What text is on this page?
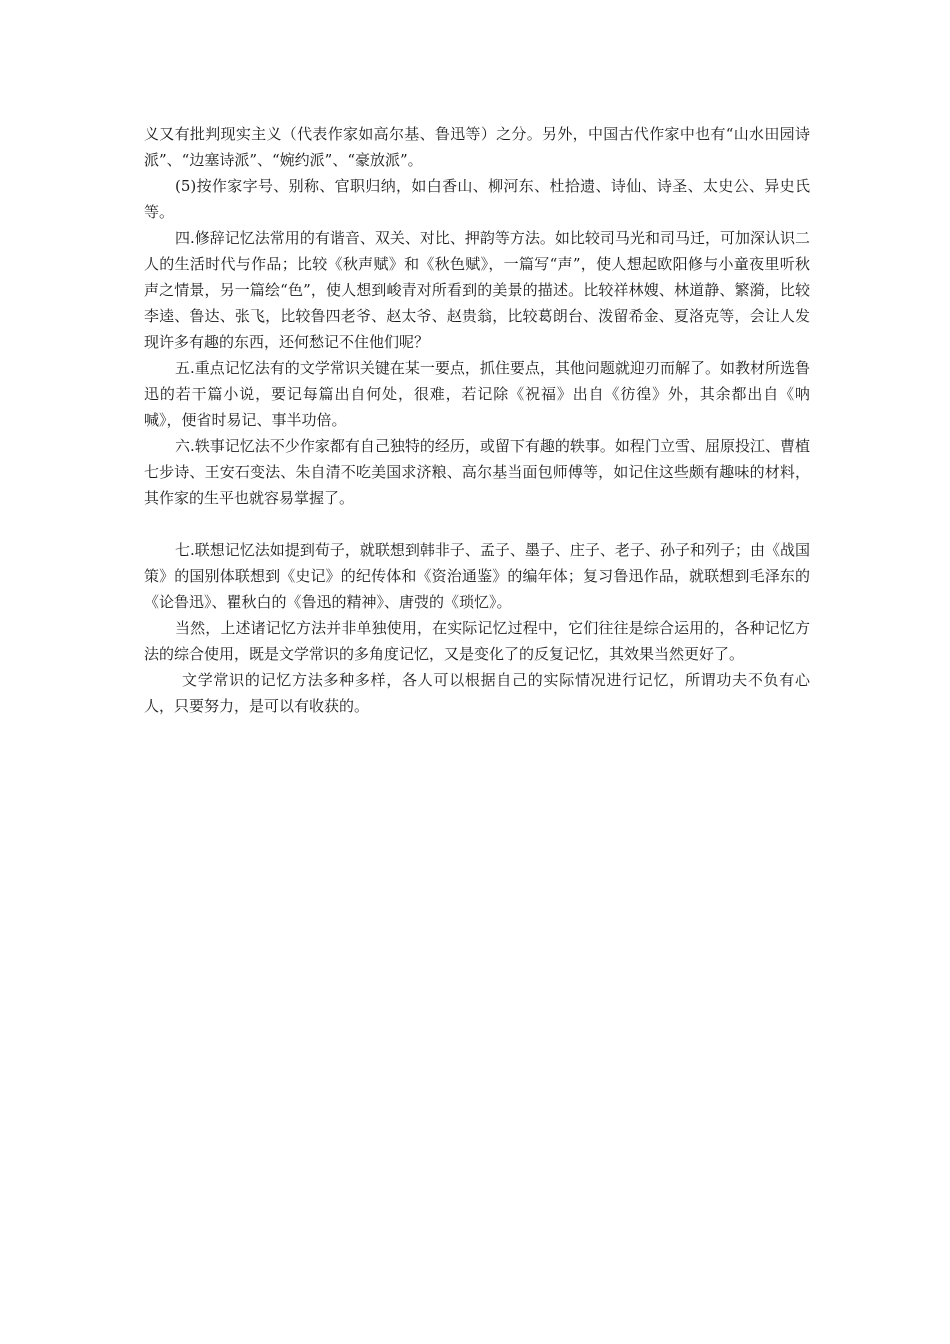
义又有批判现实主义（代表作家如高尔基、鲁迅等）之分。另外，中国古代作家中也有“山水田园诗派”、“边塞诗派”、“婉约派”、“豪放派”。

(5)按作家字号、别称、官职归纳，如白香山、柳河东、杜拾遗、诗仙、诗圣、太史公、异史氏等。

四.修辞记忆法常用的有谐音、双关、对比、押韵等方法。如比较司马光和司马迁，可加深认识二人的生活时代与作品；比较《秋声赋》和《秋色赋》，一篇写“声”，使人想起欧阳修与小童夜里听秋声之情景，另一篇绘“色”，使人想到峻青对所看到的美景的描述。比较祥林嫂、林道静、繁漪，比较李逵、鲁达、张飞，比较鲁四老爷、赵太爷、赵贵翁，比较葛朗台、泼留希金、夏洛克等，会让人发现许多有趣的东西，还何愁记不住他们呢？

五.重点记忆法有的文学常识关键在某一要点，抓住要点，其他问题就迎刃而解了。如教材所选鲁迅的若干篇小说，要记每篇出自何处，很难，若记除《祝福》出自《彷徨》外，其余都出自《呐喊》，便省时易记、事半功倍。

六.轶事记忆法不少作家都有自己独特的经历，或留下有趣的轶事。如程门立雪、屈原投江、曹植七步诗、王安石变法、朱自清不吃美国求济粮、高尔基当面包师傅等，如记住这些颇有趣味的材料，其作家的生平也就容易掌握了。

七.联想记忆法如提到荀子，就联想到韩非子、孟子、墨子、庄子、老子、孙子和列子；由《战国策》的国别体联想到《史记》的纪传体和《资治通鉴》的编年体；复习鲁迅作品，就联想到毛泽东的《论鲁迅》、瞿秋白的《鲁迅的精神》、唐弢的《琐忆》。

当然，上述诸记忆方法并非单独使用，在实际记忆过程中，它们往往是综合运用的，各种记忆方法的综合使用，既是文学常识的多角度记忆，又是变化了的反复记忆，其效果当然更好了。

文学常识的记忆方法多种多样，各人可以根据自己的实际情况进行记忆，所谓功夫不负有心人，只要努力，是可以有收获的。
